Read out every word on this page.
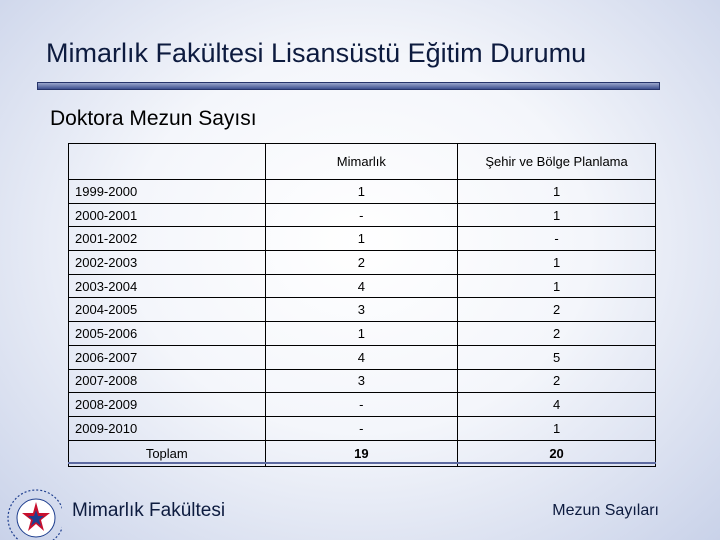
Mimarlık Fakültesi Lisansüstü Eğitim Durumu
Doktora Mezun Sayısı
	Mimarlık	Şehir ve Bölge Planlama
1999-2000	1	1
2000-2001	-	1
2001-2002	1	-
2002-2003	2	1
2003-2004	4	1
2004-2005	3	2
2005-2006	1	2
2006-2007	4	5
2007-2008	3	2
2008-2009	-	4
2009-2010	-	1
Toplam	19	20
Mimarlık Fakültesi	Mezun Sayıları
